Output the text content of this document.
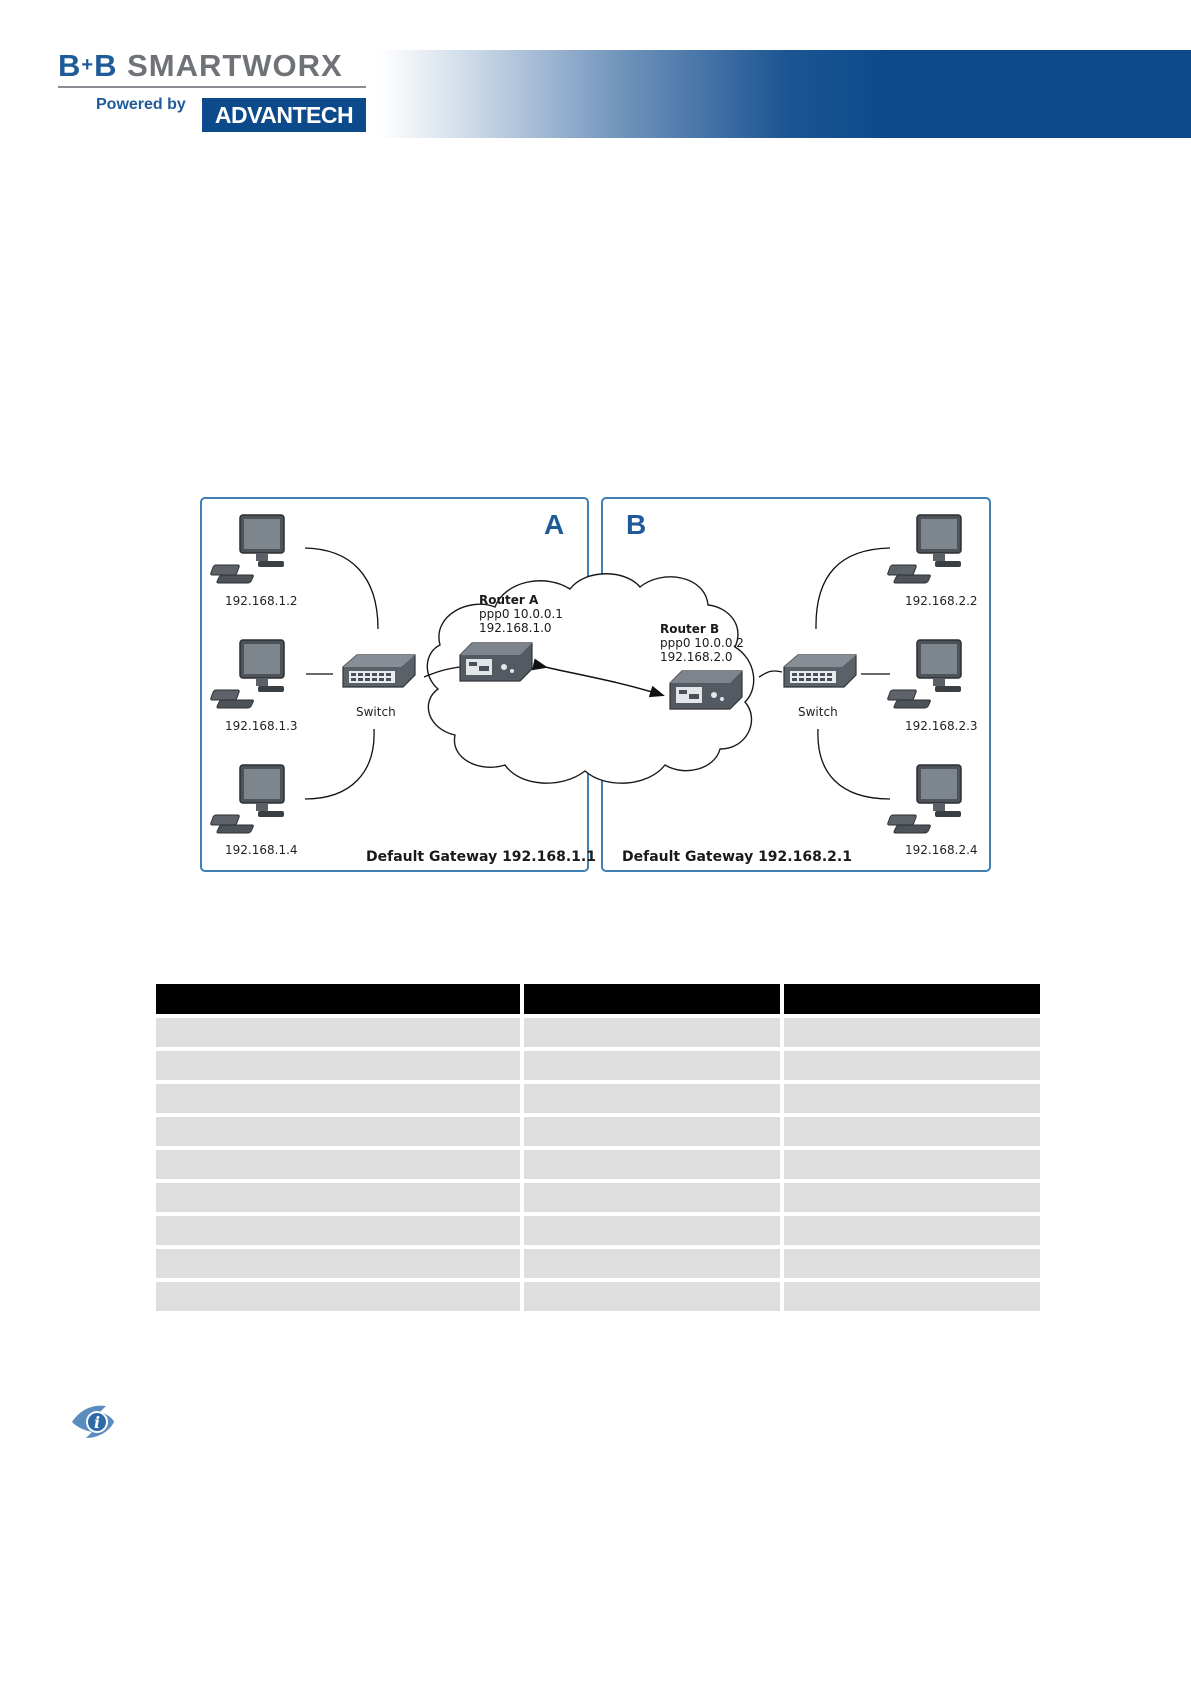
B+B SMARTWORX
Powered by	ADVANTECH
A B
192.168.1.2
192.168.1.3
192.168.1.4
192.168.2.2
192.168.2.3
192.168.2.4
Switch	Switch
Router A
ppp0 10.0.0.1
192.168.1.0	Router B
ppp0 10.0.0.2
192.168.2.0
Default Gateway 192.168.1.1 Default Gateway 192.168.2.1

i
